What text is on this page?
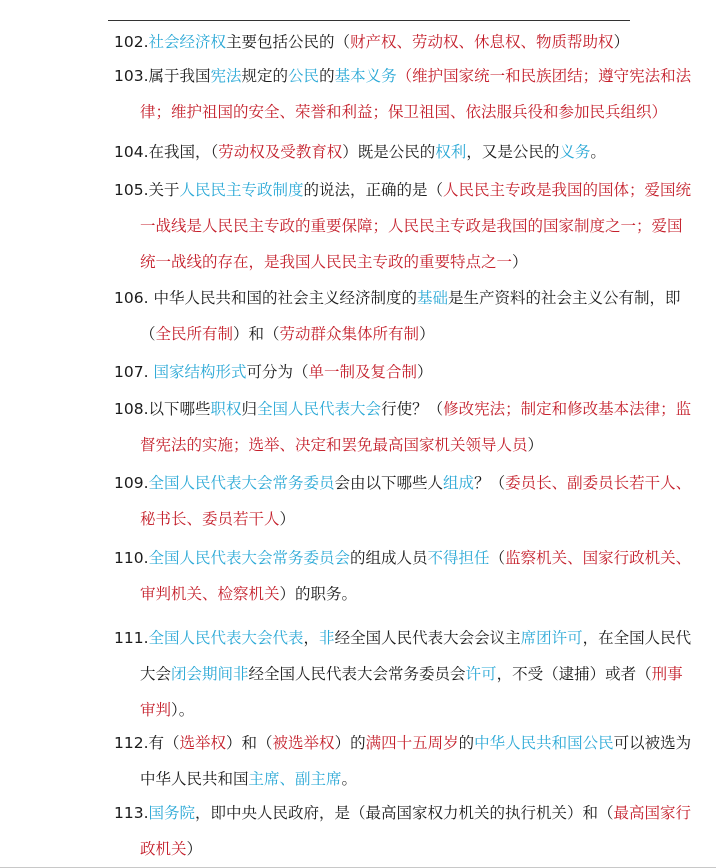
102.社会经济权主要包括公民的（财产权、劳动权、休息权、物质帮助权）
103.属于我国宪法规定的公民的基本义务（维护国家统一和民族团结；遵守宪法和法
律；维护祖国的安全、荣誉和利益；保卫祖国、依法服兵役和参加民兵组织）
104.在我国，（劳动权及受教育权）既是公民的权利，又是公民的义务。
105.关于人民民主专政制度的说法，正确的是（人民民主专政是我国的国体；爱国统
一战线是人民民主专政的重要保障；人民民主专政是我国的国家制度之一；爱国
统一战线的存在，是我国人民民主专政的重要特点之一）
106. 中华人民共和国的社会主义经济制度的基础是生产资料的社会主义公有制，即
（全民所有制）和（劳动群众集体所有制）
107. 国家结构形式可分为（单一制及复合制）
108.以下哪些职权归全国人民代表大会行使？（修改宪法；制定和修改基本法律；监
督宪法的实施；选举、决定和罢免最高国家机关领导人员）
109.全国人民代表大会常务委员会由以下哪些人组成？（委员长、副委员长若干人、
秘书长、委员若干人）
110.全国人民代表大会常务委员会的组成人员不得担任（监察机关、国家行政机关、
审判机关、检察机关）的职务。
111.全国人民代表大会代表，非经全国人民代表大会会议主席团许可，在全国人民代
大会闭会期间非经全国人民代表大会常务委员会许可，不受（逮捕）或者（刑事
审判）。
112.有（选举权）和（被选举权）的满四十五周岁的中华人民共和国公民可以被选为
中华人民共和国主席、副主席。
113.国务院，即中央人民政府，是（最高国家权力机关的执行机关）和（最高国家行
政机关）
